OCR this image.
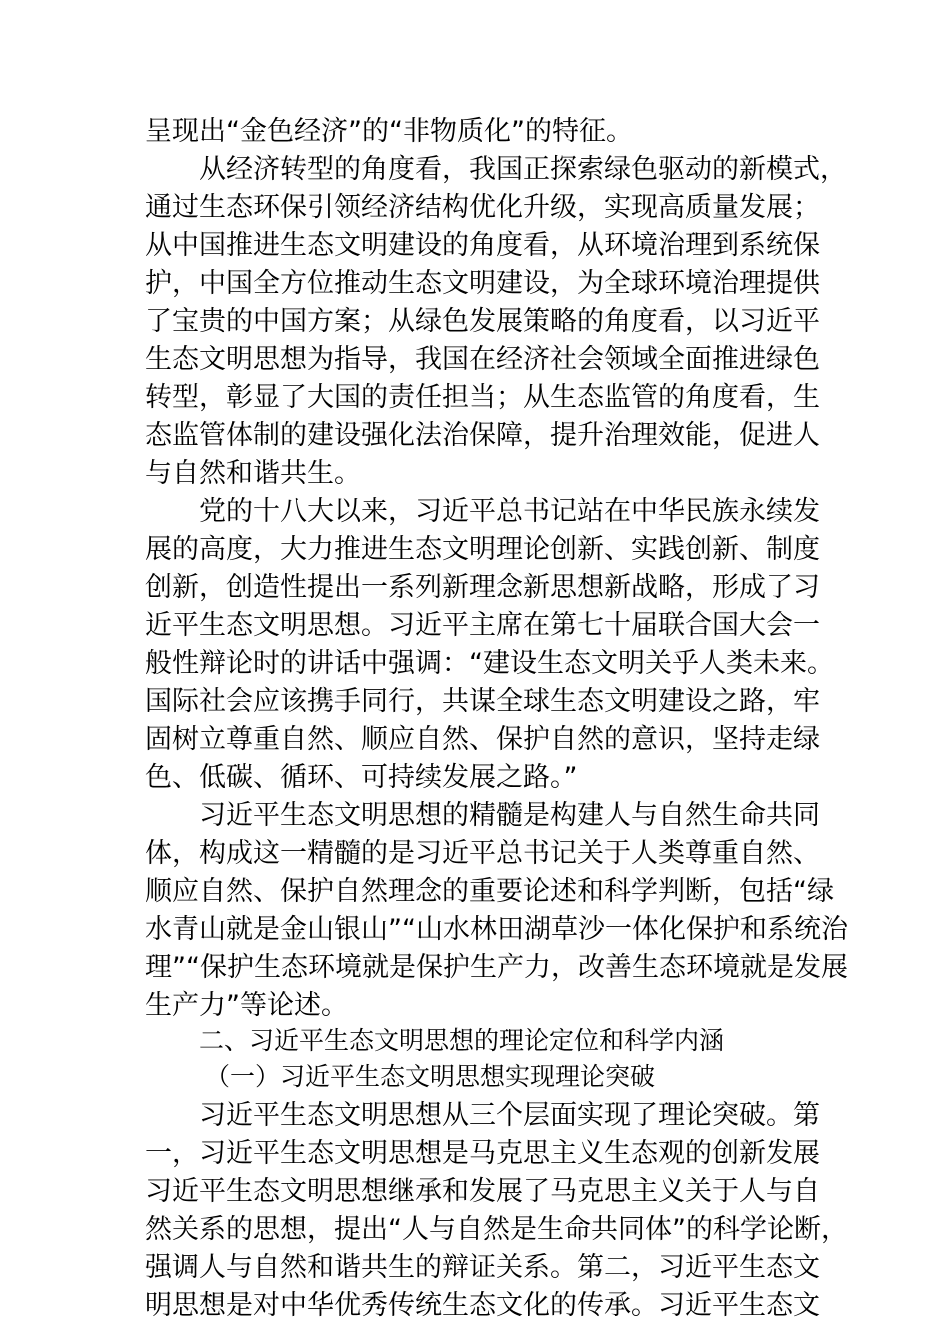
呈现出“金色经济”的“非物质化”的特征。
从经济转型的角度看，我国正探索绿色驱动的新模式，
通过生态环保引领经济结构优化升级，实现高质量发展；
从中国推进生态文明建设的角度看，从环境治理到系统保
护，中国全方位推动生态文明建设，为全球环境治理提供
了宝贵的中国方案；从绿色发展策略的角度看，以习近平
生态文明思想为指导，我国在经济社会领域全面推进绿色
转型，彰显了大国的责任担当；从生态监管的角度看，生
态监管体制的建设强化法治保障，提升治理效能，促进人
与自然和谐共生。
党的十八大以来，习近平总书记站在中华民族永续发
展的高度，大力推进生态文明理论创新、实践创新、制度
创新，创造性提出一系列新理念新思想新战略，形成了习
近平生态文明思想。习近平主席在第七十届联合国大会一
般性辩论时的讲话中强调：“建设生态文明关乎人类未来。
国际社会应该携手同行，共谋全球生态文明建设之路，牢
固树立尊重自然、顺应自然、保护自然的意识，坚持走绿
色、低碳、循环、可持续发展之路。”
习近平生态文明思想的精髓是构建人与自然生命共同
体，构成这一精髓的是习近平总书记关于人类尊重自然、
顺应自然、保护自然理念的重要论述和科学判断，包括“绿
水青山就是金山银山”“山水林田湖草沙一体化保护和系统治
理”“保护生态环境就是保护生产力，改善生态环境就是发展
生产力”等论述。
二、习近平生态文明思想的理论定位和科学内涵
（一）习近平生态文明思想实现理论突破
习近平生态文明思想从三个层面实现了理论突破。第
一，习近平生态文明思想是马克思主义生态观的创新发展
习近平生态文明思想继承和发展了马克思主义关于人与自
然关系的思想，提出“人与自然是生命共同体”的科学论断，
强调人与自然和谐共生的辩证关系。第二，习近平生态文
明思想是对中华优秀传统生态文化的传承。习近平生态文
